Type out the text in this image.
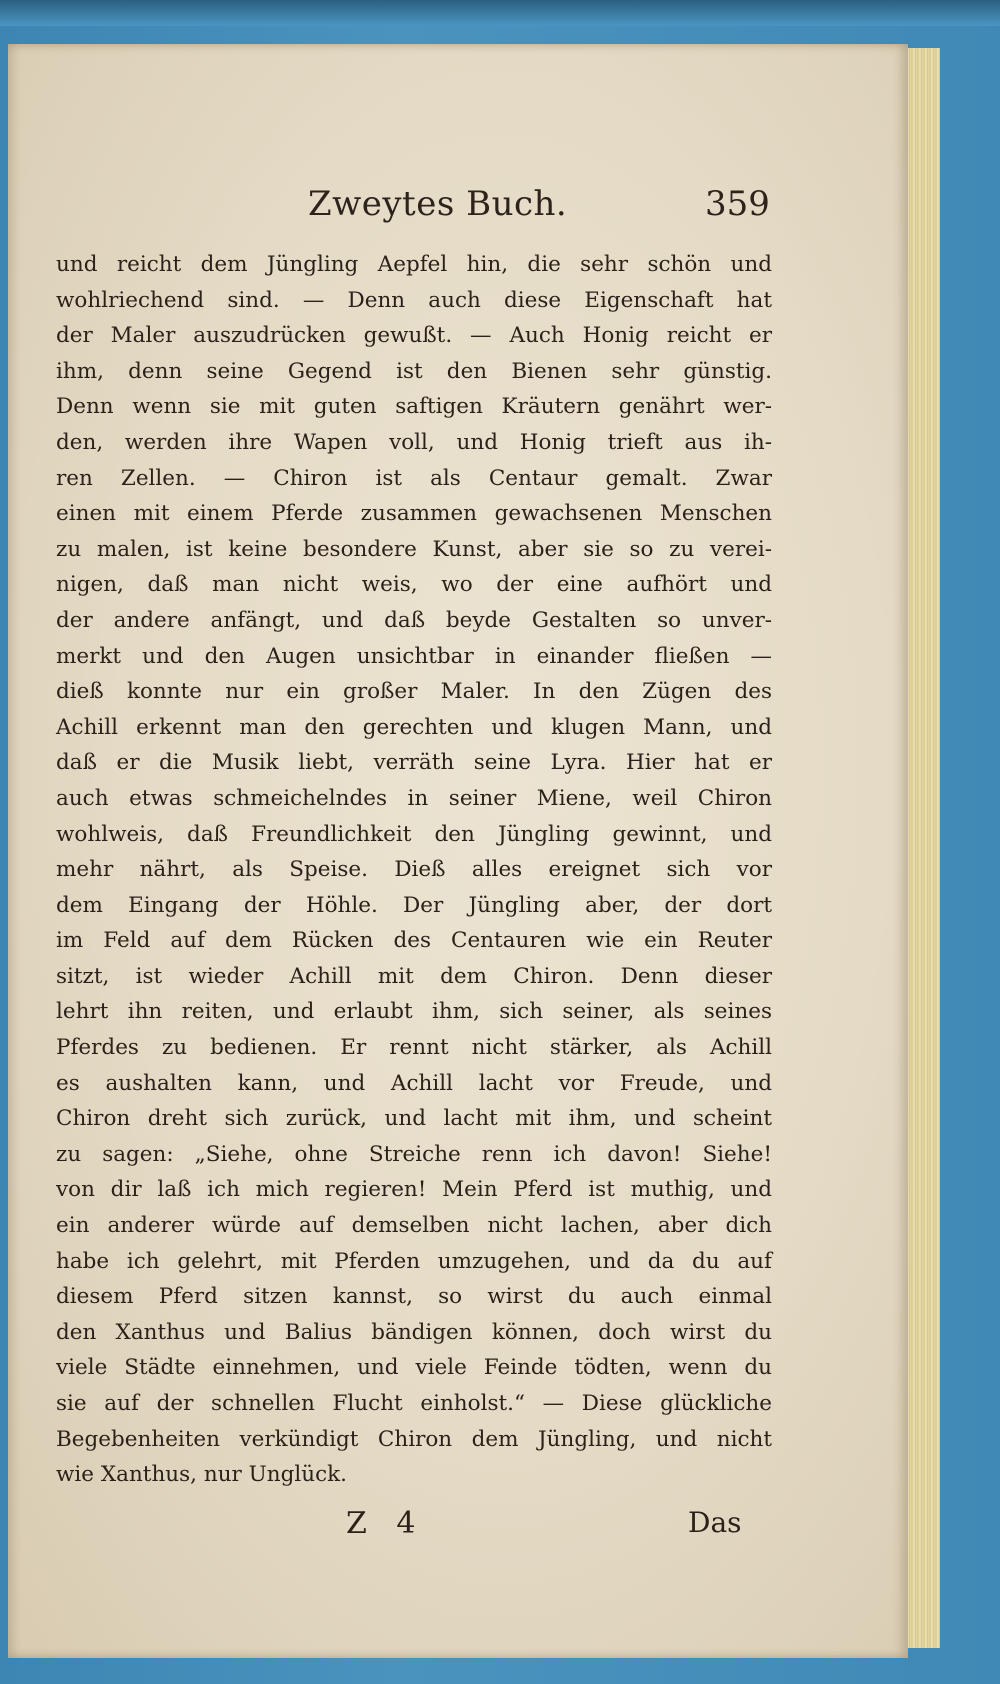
Zweytes Buch.	359
und reicht dem Jüngling Aepfel hin, die sehr schön und
wohlriechend sind. — Denn auch diese Eigenschaft hat
der Maler auszudrücken gewußt. — Auch Honig reicht er
ihm, denn seine Gegend ist den Bienen sehr günstig.
Denn wenn sie mit guten saftigen Kräutern genährt wer-
den, werden ihre Wapen voll, und Honig trieft aus ih-
ren Zellen. — Chiron ist als Centaur gemalt. Zwar
einen mit einem Pferde zusammen gewachsenen Menschen
zu malen, ist keine besondere Kunst, aber sie so zu verei-
nigen, daß man nicht weis, wo der eine aufhört und
der andere anfängt, und daß beyde Gestalten so unver-
merkt und den Augen unsichtbar in einander fließen —
dieß konnte nur ein großer Maler. In den Zügen des
Achill erkennt man den gerechten und klugen Mann, und
daß er die Musik liebt, verräth seine Lyra. Hier hat er
auch etwas schmeichelndes in seiner Miene, weil Chiron
wohlweis, daß Freundlichkeit den Jüngling gewinnt, und
mehr nährt, als Speise. Dieß alles ereignet sich vor
dem Eingang der Höhle. Der Jüngling aber, der dort
im Feld auf dem Rücken des Centauren wie ein Reuter
sitzt, ist wieder Achill mit dem Chiron. Denn dieser
lehrt ihn reiten, und erlaubt ihm, sich seiner, als seines
Pferdes zu bedienen. Er rennt nicht stärker, als Achill
es aushalten kann, und Achill lacht vor Freude, und
Chiron dreht sich zurück, und lacht mit ihm, und scheint
zu sagen: „Siehe, ohne Streiche renn ich davon! Siehe!
von dir laß ich mich regieren! Mein Pferd ist muthig, und
ein anderer würde auf demselben nicht lachen, aber dich
habe ich gelehrt, mit Pferden umzugehen, und da du auf
diesem Pferd sitzen kannst, so wirst du auch einmal
den Xanthus und Balius bändigen können, doch wirst du
viele Städte einnehmen, und viele Feinde tödten, wenn du
sie auf der schnellen Flucht einholst.“ — Diese glückliche
Begebenheiten verkündigt Chiron dem Jüngling, und nicht
wie Xanthus, nur Unglück.
Z 4	Das
